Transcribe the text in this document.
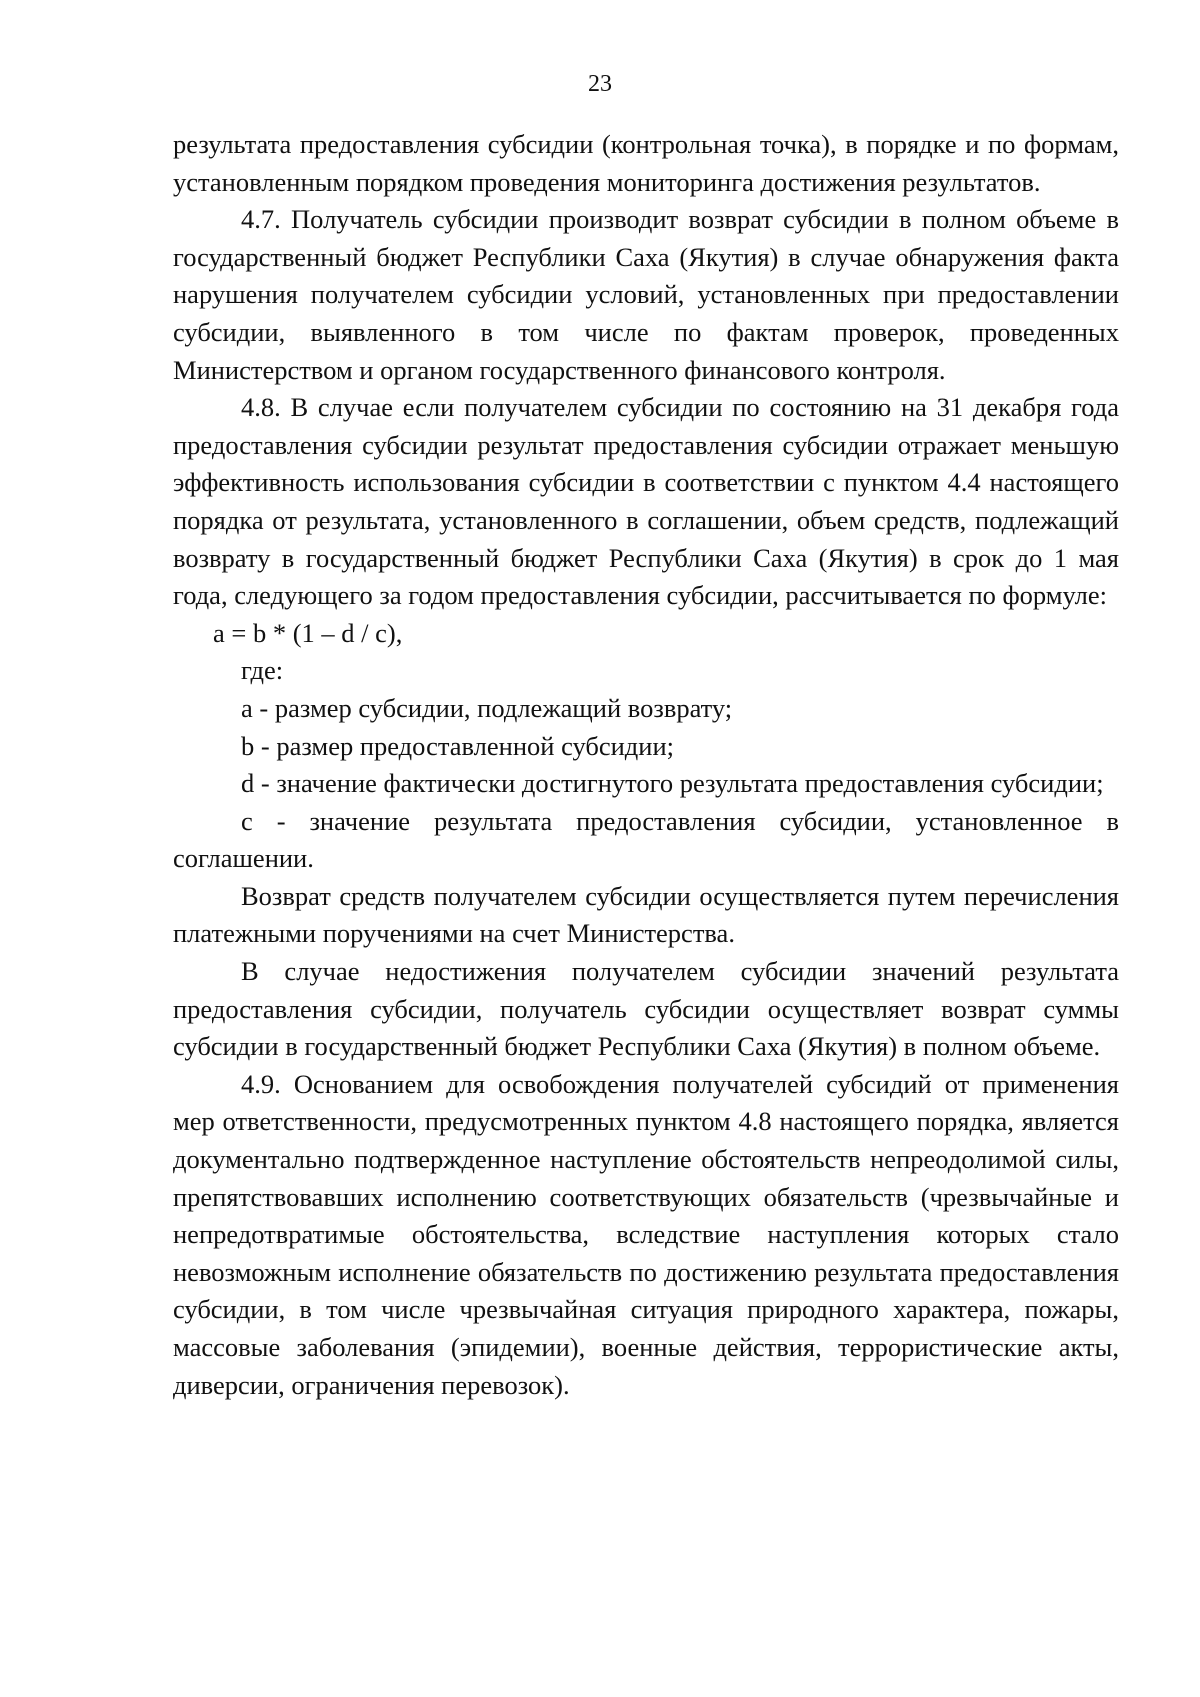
23

результата предоставления субсидии (контрольная точка), в порядке и по формам, установленным порядком проведения мониторинга достижения результатов.

4.7. Получатель субсидии производит возврат субсидии в полном объеме в государственный бюджет Республики Саха (Якутия) в случае обнаружения факта нарушения получателем субсидии условий, установленных при предоставлении субсидии, выявленного в том числе по фактам проверок, проведенных Министерством и органом государственного финансового контроля.

4.8. В случае если получателем субсидии по состоянию на 31 декабря года предоставления субсидии результат предоставления субсидии отражает меньшую эффективность использования субсидии в соответствии с пунктом 4.4 настоящего порядка от результата, установленного в соглашении, объем средств, подлежащий возврату в государственный бюджет Республики Саха (Якутия) в срок до 1 мая года, следующего за годом предоставления субсидии, рассчитывается по формуле:

a = b * (1 – d / c),

где:

a - размер субсидии, подлежащий возврату;

b - размер предоставленной субсидии;

d - значение фактически достигнутого результата предоставления субсидии;

c - значение результата предоставления субсидии, установленное в соглашении.

Возврат средств получателем субсидии осуществляется путем перечисления платежными поручениями на счет Министерства.

В случае недостижения получателем субсидии значений результата предоставления субсидии, получатель субсидии осуществляет возврат суммы субсидии в государственный бюджет Республики Саха (Якутия) в полном объеме.

4.9. Основанием для освобождения получателей субсидий от применения мер ответственности, предусмотренных пунктом 4.8 настоящего порядка, является документально подтвержденное наступление обстоятельств непреодолимой силы, препятствовавших исполнению соответствующих обязательств (чрезвычайные и непредотвратимые обстоятельства, вследствие наступления которых стало невозможным исполнение обязательств по достижению результата предоставления субсидии, в том числе чрезвычайная ситуация природного характера, пожары, массовые заболевания (эпидемии), военные действия, террористические акты, диверсии, ограничения перевозок).
